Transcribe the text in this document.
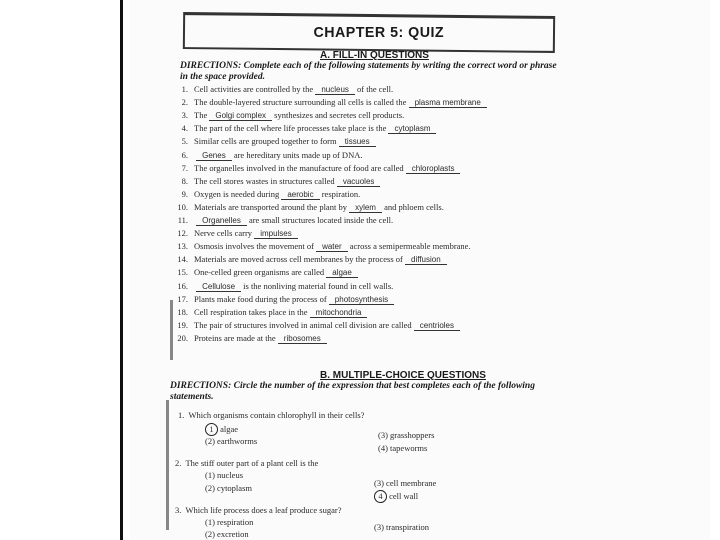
CHAPTER 5: QUIZ
A. FILL-IN QUESTIONS
DIRECTIONS: Complete each of the following statements by writing the correct word or phrase
in the space provided.
1. Cell activities are controlled by the nucleus of the cell.
2. The double-layered structure surrounding all cells is called the plasma membrane
3. The Golgi complex synthesizes and secretes cell products.
4. The part of the cell where life processes take place is the cytoplasm
5. Similar cells are grouped together to form tissues
6. Genes are hereditary units made up of DNA.
7. The organelles involved in the manufacture of food are called chloroplasts
8. The cell stores wastes in structures called vacuoles
9. Oxygen is needed during aerobic respiration.
10. Materials are transported around the plant by xylem and phloem cells.
11. Organelles are small structures located inside the cell.
12. Nerve cells carry impulses
13. Osmosis involves the movement of water across a semipermeable membrane.
14. Materials are moved across cell membranes by the process of diffusion
15. One-celled green organisms are called algae
16. Cellulose is the nonliving material found in cell walls.
17. Plants make food during the process of photosynthesis
18. Cell respiration takes place in the mitochondria
19. The pair of structures involved in animal cell division are called centrioles
20. Proteins are made at the ribosomes
B. MULTIPLE-CHOICE QUESTIONS
DIRECTIONS: Circle the number of the expression that best completes each of the following
statements.
1.  Which organisms contain chlorophyll in their cells?
1 algae
(2) earthworms
(3) grasshoppers
(4) tapeworms
2.  The stiff outer part of a plant cell is the
(1) nucleus
(2) cytoplasm	(3) cell membrane
4 cell wall
3.  Which life process does a leaf produce sugar?
(1) respiration
(2) excretion
(3) transpiration
